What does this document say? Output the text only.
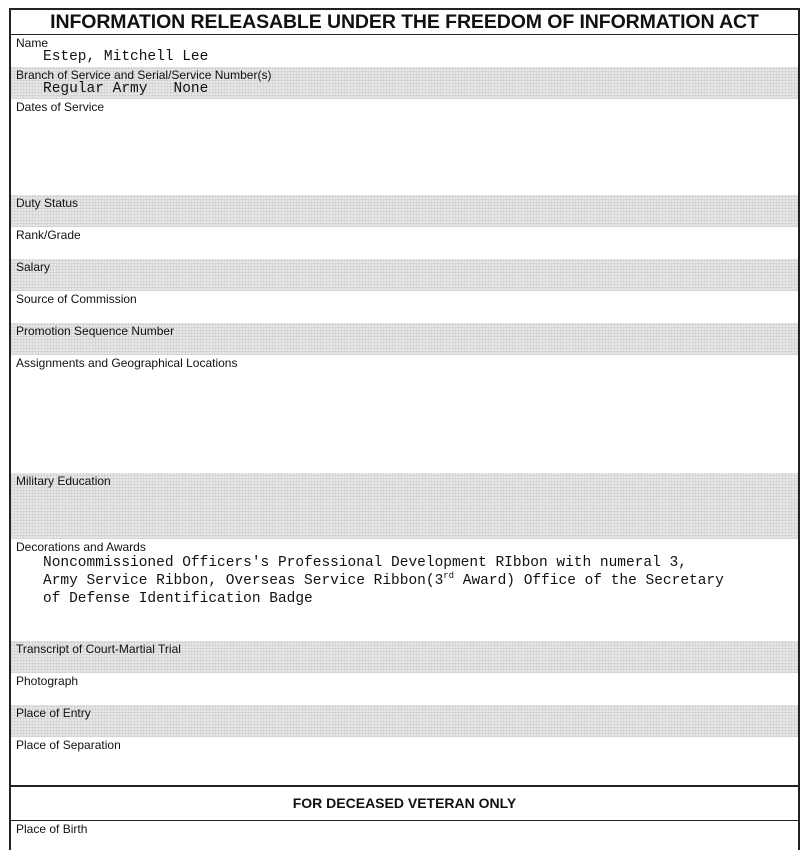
INFORMATION RELEASABLE UNDER THE FREEDOM OF INFORMATION ACT
Name
Estep, Mitchell Lee
Branch of Service and Serial/Service Number(s)
Regular Army   None
Dates of Service
Duty Status
Rank/Grade
Salary
Source of Commission
Promotion Sequence Number
Assignments and Geographical Locations
Military Education
Decorations and Awards
Noncommissioned Officers's Professional Development RIbbon with numeral 3,
Army Service Ribbon, Overseas Service Ribbon(3rd Award) Office of the Secretary
of Defense Identification Badge
Transcript of Court-Martial Trial
Photograph
Place of Entry
Place of Separation
FOR DECEASED VETERAN ONLY
Place of Birth
